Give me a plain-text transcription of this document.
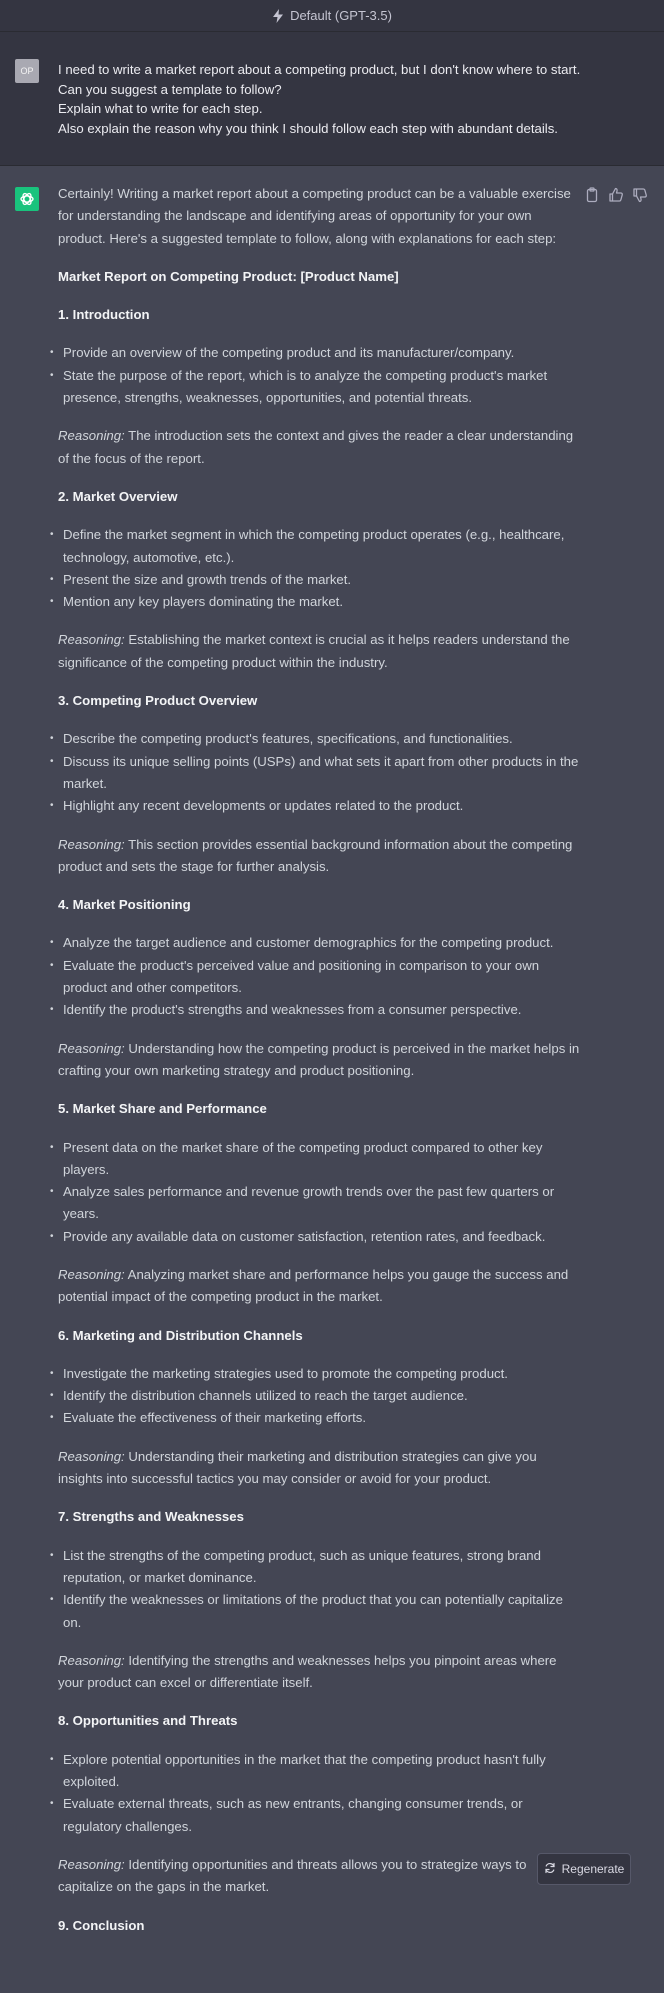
Default (GPT-3.5)
OP	I need to write a market report about a competing product, but I don't know where to start.

Can you suggest a template to follow?

Explain what to write for each step.

Also explain the reason why you think I should follow each step with abundant details.

Certainly! Writing a market report about a competing product can be a valuable exercise for understanding the landscape and identifying areas of opportunity for your own product. Here's a suggested template to follow, along with explanations for each step:

Market Report on Competing Product: [Product Name]
1. Introduction
• Provide an overview of the competing product and its manufacturer/company.
• State the purpose of the report, which is to analyze the competing product's market presence, strengths, weaknesses, opportunities, and potential threats.

Reasoning: The introduction sets the context and gives the reader a clear understanding of the focus of the report.

2. Market Overview
• Define the market segment in which the competing product operates (e.g., healthcare, technology, automotive, etc.).
• Present the size and growth trends of the market.
• Mention any key players dominating the market.

Reasoning: Establishing the market context is crucial as it helps readers understand the significance of the competing product within the industry.

3. Competing Product Overview
• Describe the competing product's features, specifications, and functionalities.
• Discuss its unique selling points (USPs) and what sets it apart from other products in the market.
• Highlight any recent developments or updates related to the product.

Reasoning: This section provides essential background information about the competing product and sets the stage for further analysis.

4. Market Positioning
• Analyze the target audience and customer demographics for the competing product.
• Evaluate the product's perceived value and positioning in comparison to your own product and other competitors.
• Identify the product's strengths and weaknesses from a consumer perspective.

Reasoning: Understanding how the competing product is perceived in the market helps in crafting your own marketing strategy and product positioning.

5. Market Share and Performance
• Present data on the market share of the competing product compared to other key players.
• Analyze sales performance and revenue growth trends over the past few quarters or years.
• Provide any available data on customer satisfaction, retention rates, and feedback.

Reasoning: Analyzing market share and performance helps you gauge the success and potential impact of the competing product in the market.

6. Marketing and Distribution Channels
• Investigate the marketing strategies used to promote the competing product.
• Identify the distribution channels utilized to reach the target audience.
• Evaluate the effectiveness of their marketing efforts.

Reasoning: Understanding their marketing and distribution strategies can give you insights into successful tactics you may consider or avoid for your product.

7. Strengths and Weaknesses
• List the strengths of the competing product, such as unique features, strong brand reputation, or market dominance.
• Identify the weaknesses or limitations of the product that you can potentially capitalize on.

Reasoning: Identifying the strengths and weaknesses helps you pinpoint areas where your product can excel or differentiate itself.

8. Opportunities and Threats
• Explore potential opportunities in the market that the competing product hasn't fully exploited.
• Evaluate external threats, such as new entrants, changing consumer trends, or regulatory challenges.

Reasoning: Identifying opportunities and threats allows you to strategize ways to capitalize on the gaps in the market.

9. Conclusion
Regenerate
